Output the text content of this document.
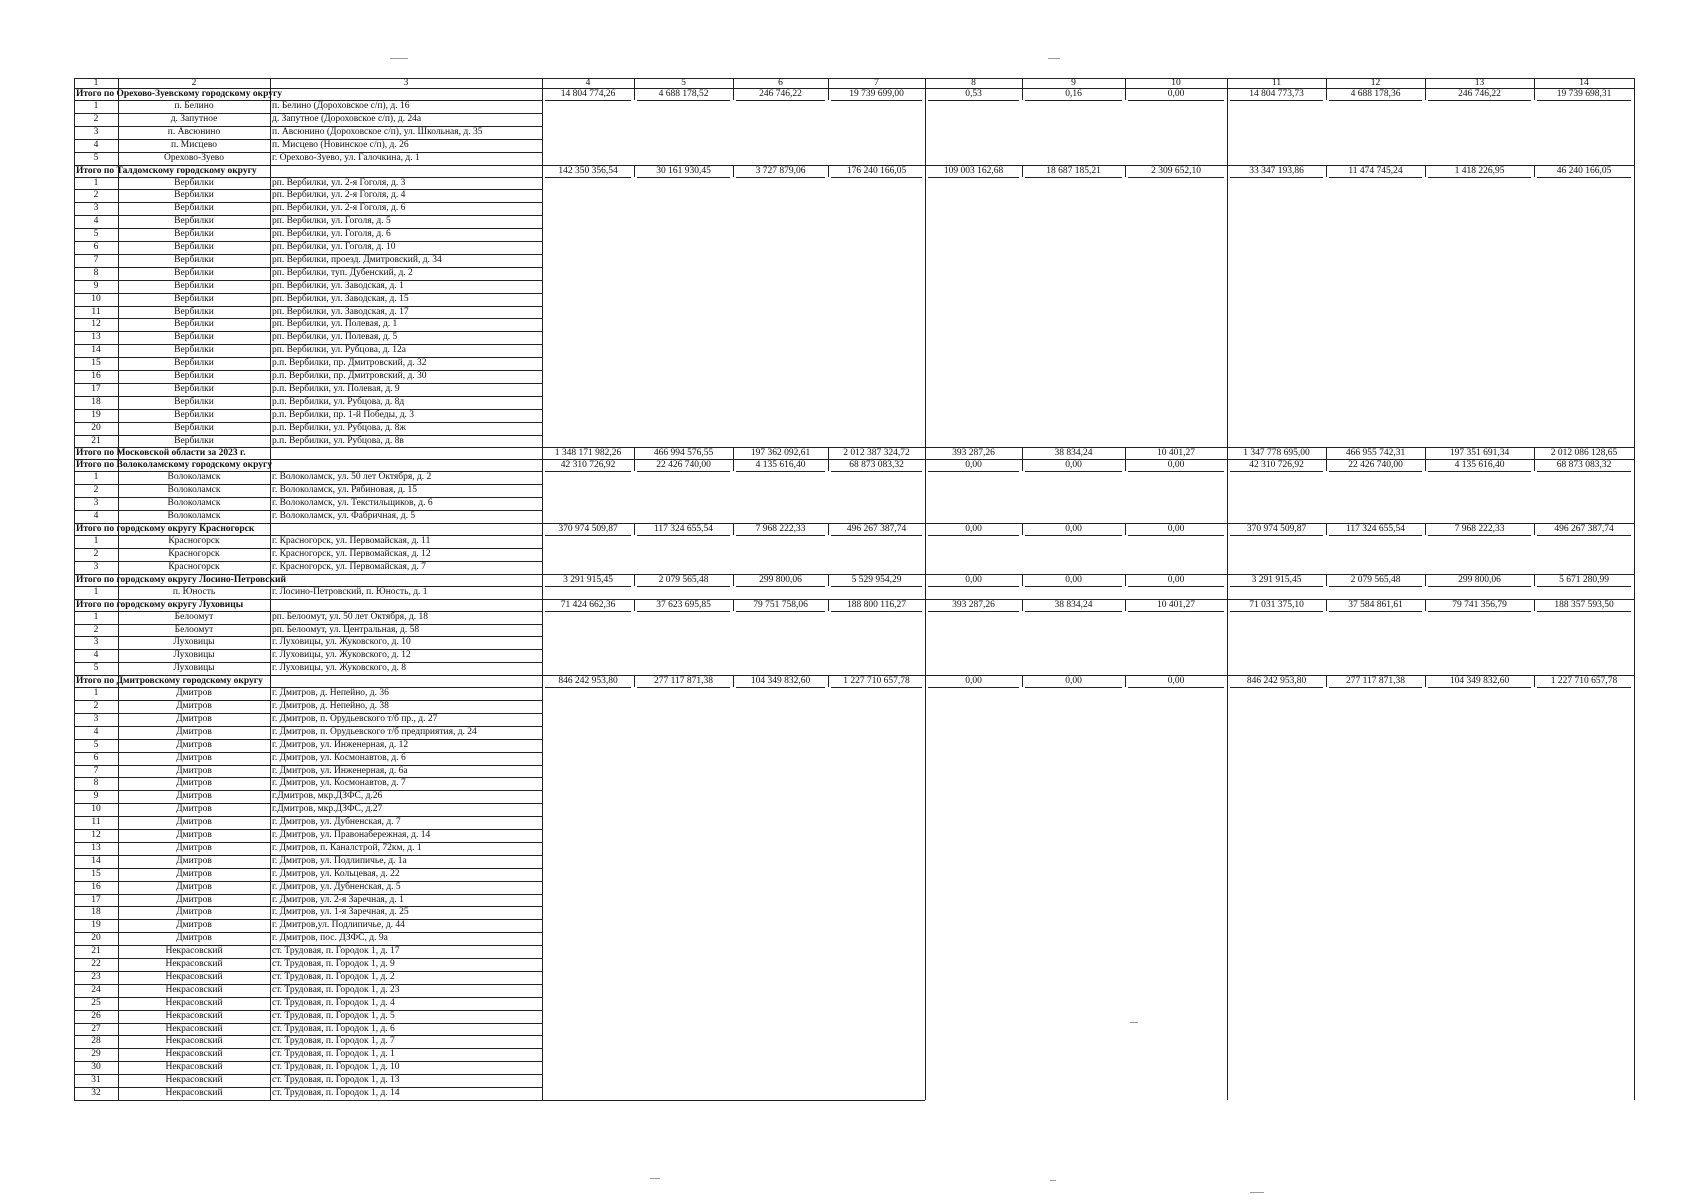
1	2	3	4	5	6	7	8	9	10	11	12	13	14
Итого по Орехово-Зуевскому городскому округу	14 804 774,26	4 688 178,52	246 746,22	19 739 699,00	0,53	0,16	0,00	14 804 773,73	4 688 178,36	246 746,22	19 739 698,31
1	п. Белино	п. Белино (Дороховское с/п), д. 16
2	д. Запутное	д. Запутное (Дороховское с/п), д. 24а
3	п. Авсюнино	п. Авсюнино (Дороховское с/п), ул. Школьная, д. 35
4	п. Мисцево	п. Мисцево (Новинское с/п), д. 26
5	Орехово-Зуево	г. Орехово-Зуево, ул. Галочкина, д. 1
Итого по Талдомскому городскому округу	142 350 356,54	30 161 930,45	3 727 879,06	176 240 166,05	109 003 162,68	18 687 185,21	2 309 652,10	33 347 193,86	11 474 745,24	1 418 226,95	46 240 166,05
1	Вербилки	рп. Вербилки, ул. 2-я Гоголя, д. 3
2	Вербилки	рп. Вербилки, ул. 2-я Гоголя, д. 4
3	Вербилки	рп. Вербилки, ул. 2-я Гоголя, д. 6
4	Вербилки	рп. Вербилки, ул. Гоголя, д. 5
5	Вербилки	рп. Вербилки, ул. Гоголя, д. 6
6	Вербилки	рп. Вербилки, ул. Гоголя, д. 10
7	Вербилки	рп. Вербилки, проезд. Дмитровский, д. 34
8	Вербилки	рп. Вербилки, туп. Дубенский, д. 2
9	Вербилки	рп. Вербилки, ул. Заводская, д. 1
10	Вербилки	рп. Вербилки, ул. Заводская, д. 15
11	Вербилки	рп. Вербилки, ул. Заводская, д. 17
12	Вербилки	рп. Вербилки, ул. Полевая, д. 1
13	Вербилки	рп. Вербилки, ул. Полевая, д. 5
14	Вербилки	рп. Вербилки, ул. Рубцова, д. 12а
15	Вербилки	р.п. Вербилки, пр. Дмитровский, д. 32
16	Вербилки	р.п. Вербилки, пр. Дмитровский, д. 30
17	Вербилки	р.п. Вербилки, ул. Полевая, д. 9
18	Вербилки	р.п. Вербилки, ул. Рубцова, д. 8д
19	Вербилки	р.п. Вербилки, пр. 1-й Победы, д. 3
20	Вербилки	р.п. Вербилки, ул. Рубцова, д. 8ж
21	Вербилки	р.п. Вербилки, ул. Рубцова, д. 8в
Итого по Московской области за 2023 г.	1 348 171 982,26	466 994 576,55	197 362 092,61	2 012 387 324,72	393 287,26	38 834,24	10 401,27	1 347 778 695,00	466 955 742,31	197 351 691,34	2 012 086 128,65
Итого по Волоколамскому городскому округу	42 310 726,92	22 426 740,00	4 135 616,40	68 873 083,32	0,00	0,00	0,00	42 310 726,92	22 426 740,00	4 135 616,40	68 873 083,32
1	Волоколамск	г. Волоколамск, ул. 50 лет Октября, д. 2
2	Волоколамск	г. Волоколамск, ул. Рябиновая, д. 15
3	Волоколамск	г. Волоколамск, ул. Текстильщиков, д. 6
4	Волоколамск	г. Волоколамск, ул. Фабричная, д. 5
Итого по городскому округу Красногорск	370 974 509,87	117 324 655,54	7 968 222,33	496 267 387,74	0,00	0,00	0,00	370 974 509,87	117 324 655,54	7 968 222,33	496 267 387,74
1	Красногорск	г. Красногорск, ул. Первомайская, д. 11
2	Красногорск	г. Красногорск, ул. Первомайская, д. 12
3	Красногорск	г. Красногорск, ул. Первомайская, д. 7
Итого по городскому округу Лосино-Петровский	3 291 915,45	2 079 565,48	299 800,06	5 529 954,29	0,00	0,00	0,00	3 291 915,45	2 079 565,48	299 800,06	5 671 280,99
1	п. Юность	г. Лосино-Петровский, п. Юность, д. 1
Итого по городскому округу Луховицы	71 424 662,36	37 623 695,85	79 751 758,06	188 800 116,27	393 287,26	38 834,24	10 401,27	71 031 375,10	37 584 861,61	79 741 356,79	188 357 593,50
1	Белоомут	рп. Белоомут, ул. 50 лет Октября, д. 18
2	Белоомут	рп. Белоомут, ул. Центральная, д. 58
3	Луховицы	г. Луховицы, ул. Жуковского, д. 10
4	Луховицы	г. Луховицы, ул. Жуковского, д. 12
5	Луховицы	г. Луховицы, ул. Жуковского, д. 8
Итого по Дмитровскому городскому округу	846 242 953,80	277 117 871,38	104 349 832,60	1 227 710 657,78	0,00	0,00	0,00	846 242 953,80	277 117 871,38	104 349 832,60	1 227 710 657,78
1	Дмитров	г. Дмитров, д. Непейно, д. 36
2	Дмитров	г. Дмитров, д. Непейно, д. 38
3	Дмитров	г. Дмитров, п. Орудьевского т/б пр., д. 27
4	Дмитров	г. Дмитров, п. Орудьевского т/б предприятия, д. 24
5	Дмитров	г. Дмитров, ул. Инженерная, д. 12
6	Дмитров	г. Дмитров, ул. Космонавтов, д. 6
7	Дмитров	г. Дмитров, ул. Инженерная, д. 6а
8	Дмитров	г. Дмитров, ул. Космонавтов, д. 7
9	Дмитров	г.Дмитров, мкр.ДЗФС, д.26
10	Дмитров	г.Дмитров, мкр.ДЗФС, д.27
11	Дмитров	г. Дмитров, ул. Дубненская, д. 7
12	Дмитров	г. Дмитров, ул. Правонабережная, д. 14
13	Дмитров	г. Дмитров, п. Каналстрой, 72км, д. 1
14	Дмитров	г. Дмитров, ул. Подлипичье, д. 1а
15	Дмитров	г. Дмитров, ул. Кольцевая, д. 22
16	Дмитров	г. Дмитров, ул. Дубненская, д. 5
17	Дмитров	г. Дмитров, ул. 2-я Заречная, д. 1
18	Дмитров	г. Дмитров, ул. 1-я Заречная, д. 25
19	Дмитров	г. Дмитров,ул. Подлипичье, д. 44
20	Дмитров	г. Дмитров, пос. ДЗФС, д. 9а
21	Некрасовский	ст. Трудовая, п. Городок 1, д. 17
22	Некрасовский	ст. Трудовая, п. Городок 1, д. 9
23	Некрасовский	ст. Трудовая, п. Городок 1, д. 2
24	Некрасовский	ст. Трудовая, п. Городок 1, д. 23
25	Некрасовский	ст. Трудовая, п. Городок 1, д. 4
26	Некрасовский	ст. Трудовая, п. Городок 1, д. 5
27	Некрасовский	ст. Трудовая, п. Городок 1, д. 6
28	Некрасовский	ст. Трудовая, п. Городок 1, д. 7
29	Некрасовский	ст. Трудовая, п. Городок 1, д. 1
30	Некрасовский	ст. Трудовая, п. Городок 1, д. 10
31	Некрасовский	ст. Трудовая, п. Городок 1, д. 13
32	Некрасовский	ст. Трудовая, п. Городок 1, д. 14
